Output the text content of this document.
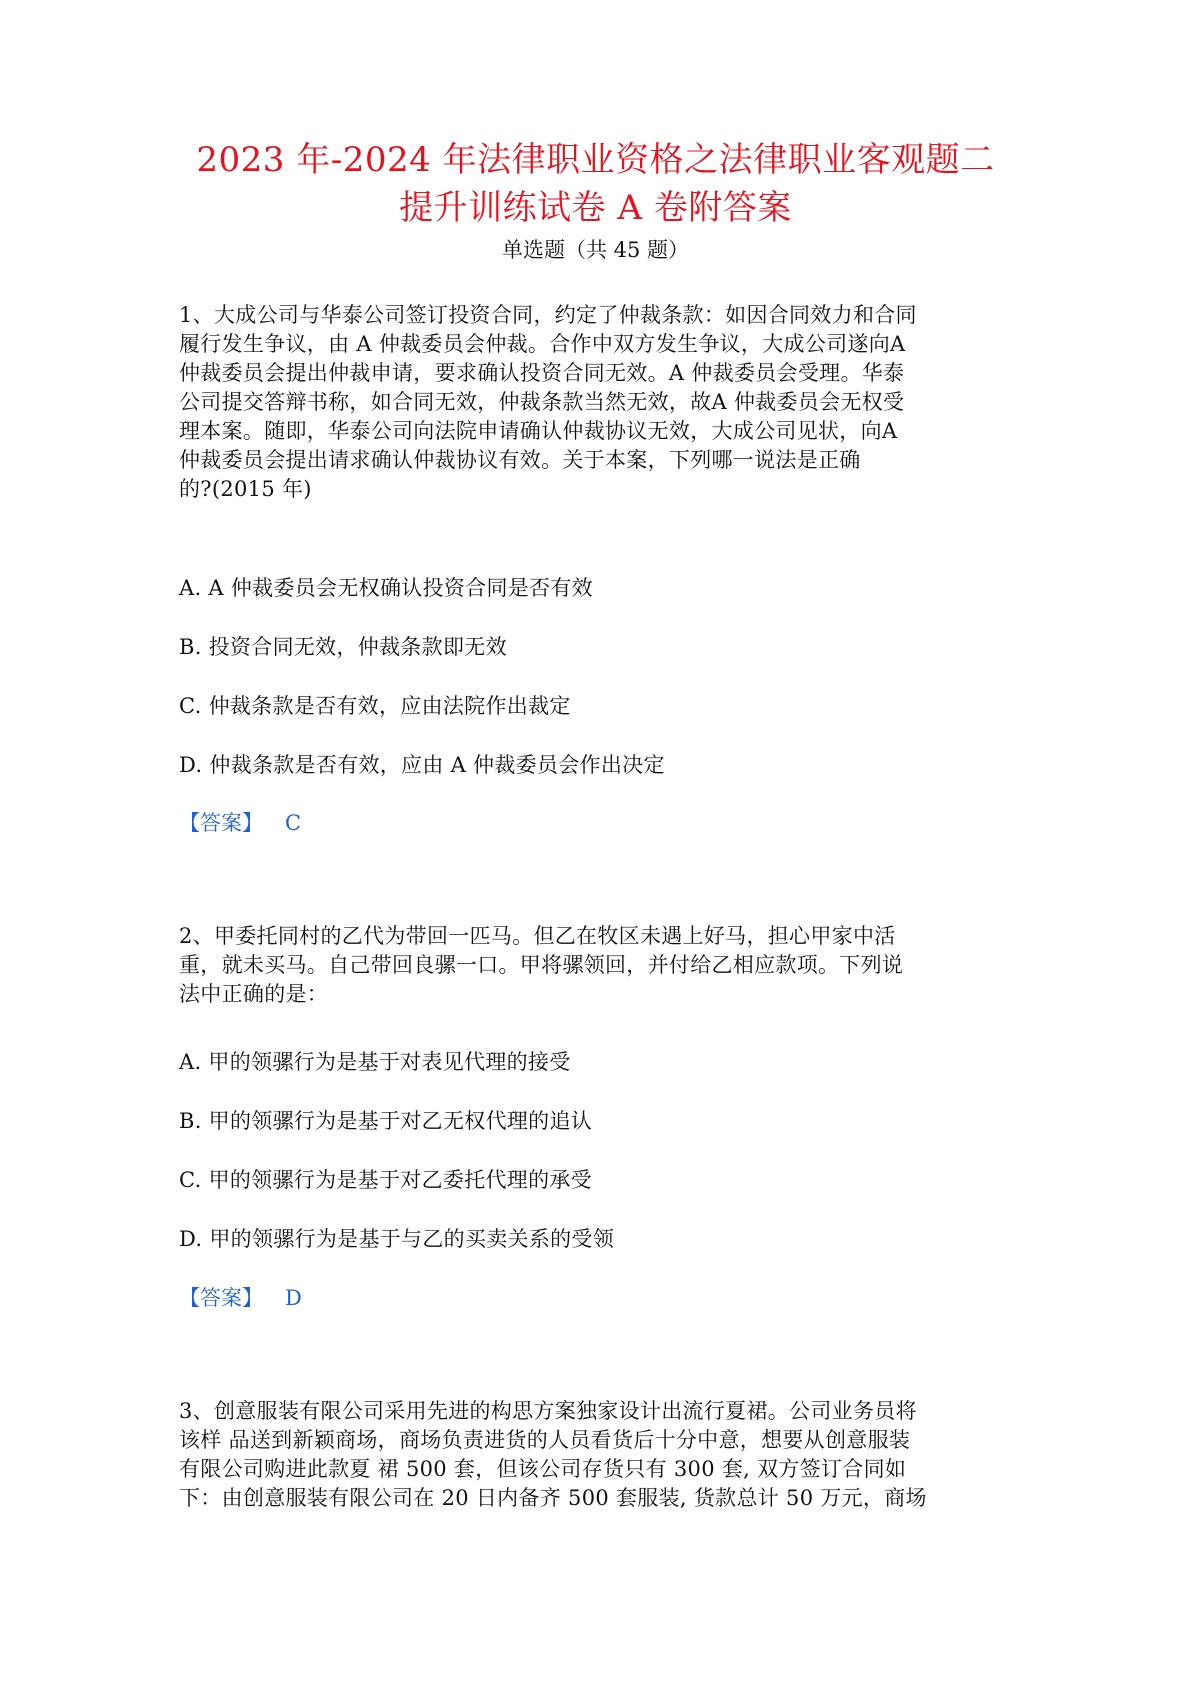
2023 年-2024 年法律职业资格之法律职业客观题二
提升训练试卷 A 卷附答案
单选题（共 45 题）
1、大成公司与华泰公司签订投资合同，约定了仲裁条款：如因合同效力和合同
履行发生争议，由 A 仲裁委员会仲裁。合作中双方发生争议，大成公司遂向A
仲裁委员会提出仲裁申请，要求确认投资合同无效。A 仲裁委员会受理。华泰
公司提交答辩书称，如合同无效，仲裁条款当然无效，故A 仲裁委员会无权受
理本案。随即，华泰公司向法院申请确认仲裁协议无效，大成公司见状，向A
仲裁委员会提出请求确认仲裁协议有效。关于本案，下列哪一说法是正确
的?(2015 年)
A. A 仲裁委员会无权确认投资合同是否有效
B. 投资合同无效，仲裁条款即无效
C. 仲裁条款是否有效，应由法院作出裁定
D. 仲裁条款是否有效，应由 A 仲裁委员会作出决定
【答案】 C
2、甲委托同村的乙代为带回一匹马。但乙在牧区未遇上好马，担心甲家中活
重，就未买马。自己带回良骡一口。甲将骡领回，并付给乙相应款项。下列说
法中正确的是：
A. 甲的领骡行为是基于对表见代理的接受
B. 甲的领骡行为是基于对乙无权代理的追认
C. 甲的领骡行为是基于对乙委托代理的承受
D. 甲的领骡行为是基于与乙的买卖关系的受领
【答案】 D
3、创意服装有限公司采用先进的构思方案独家设计出流行夏裙。公司业务员将
该样 品送到新颖商场，商场负责进货的人员看货后十分中意，想要从创意服装
有限公司购进此款夏 裙 500 套，但该公司存货只有 300 套, 双方签订合同如
下：由创意服装有限公司在 20 日内备齐 500 套服装, 货款总计 50 万元，商场
